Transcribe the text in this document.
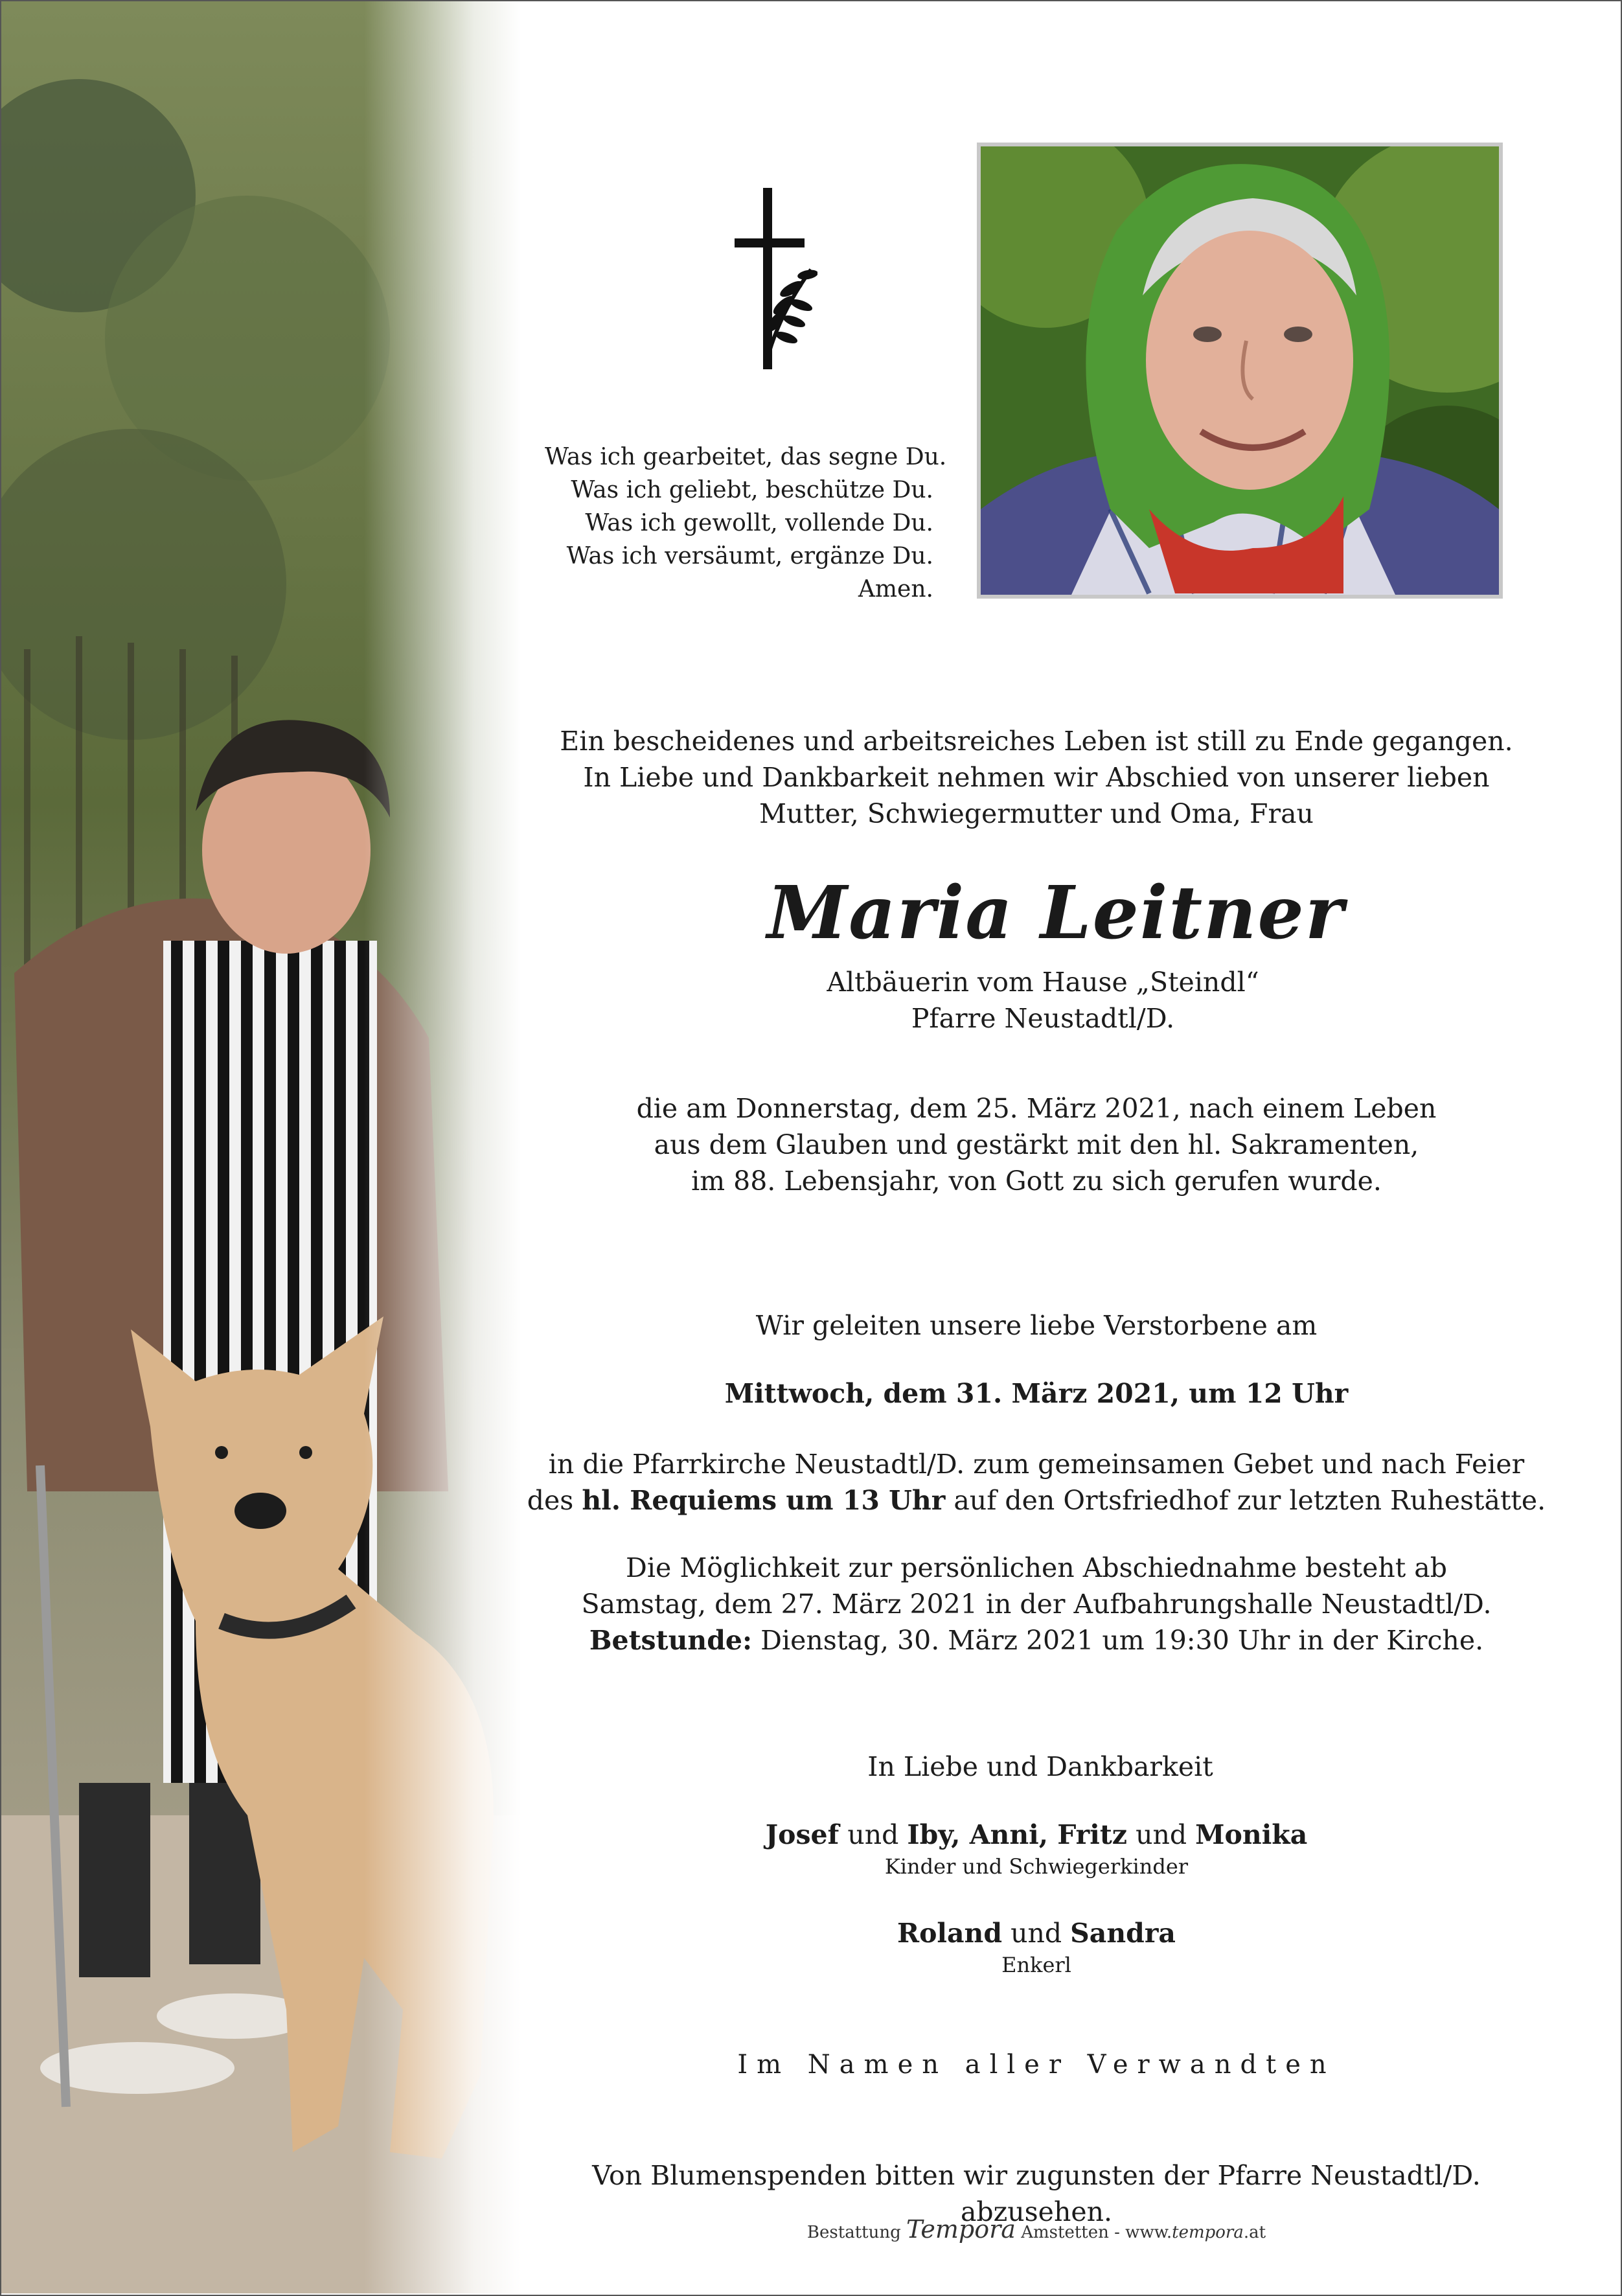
Was ich gearbeitet, das segne Du.
Was ich geliebt, beschütze Du.
Was ich gewollt, vollende Du.
Was ich versäumt, ergänze Du.
Amen.
Ein bescheidenes und arbeitsreiches Leben ist still zu Ende gegangen.
In Liebe und Dankbarkeit nehmen wir Abschied von unserer lieben
Mutter, Schwiegermutter und Oma, Frau
Maria Leitner
Altbäuerin vom Hause „Steindl“
Pfarre Neustadtl/D.
die am Donnerstag, dem 25. März 2021, nach einem Leben
aus dem Glauben und gestärkt mit den hl. Sakramenten,
im 88. Lebensjahr, von Gott zu sich gerufen wurde.
Wir geleiten unsere liebe Verstorbene am
Mittwoch, dem 31. März 2021, um 12 Uhr
in die Pfarrkirche Neustadtl/D. zum gemeinsamen Gebet und nach Feier
des hl. Requiems um 13 Uhr auf den Ortsfriedhof zur letzten Ruhestätte.
Die Möglichkeit zur persönlichen Abschiednahme besteht ab
Samstag, dem 27. März 2021 in der Aufbahrungshalle Neustadtl/D.
Betstunde: Dienstag, 30. März 2021 um 19:30 Uhr in der Kirche.
In Liebe und Dankbarkeit
Josef und Iby, Anni, Fritz und Monika
Kinder und Schwiegerkinder
Roland und Sandra
Enkerl
Im Namen aller Verwandten
Von Blumenspenden bitten wir zugunsten der Pfarre Neustadtl/D. abzusehen.
Bestattung Tempora Amstetten - www.tempora.at
